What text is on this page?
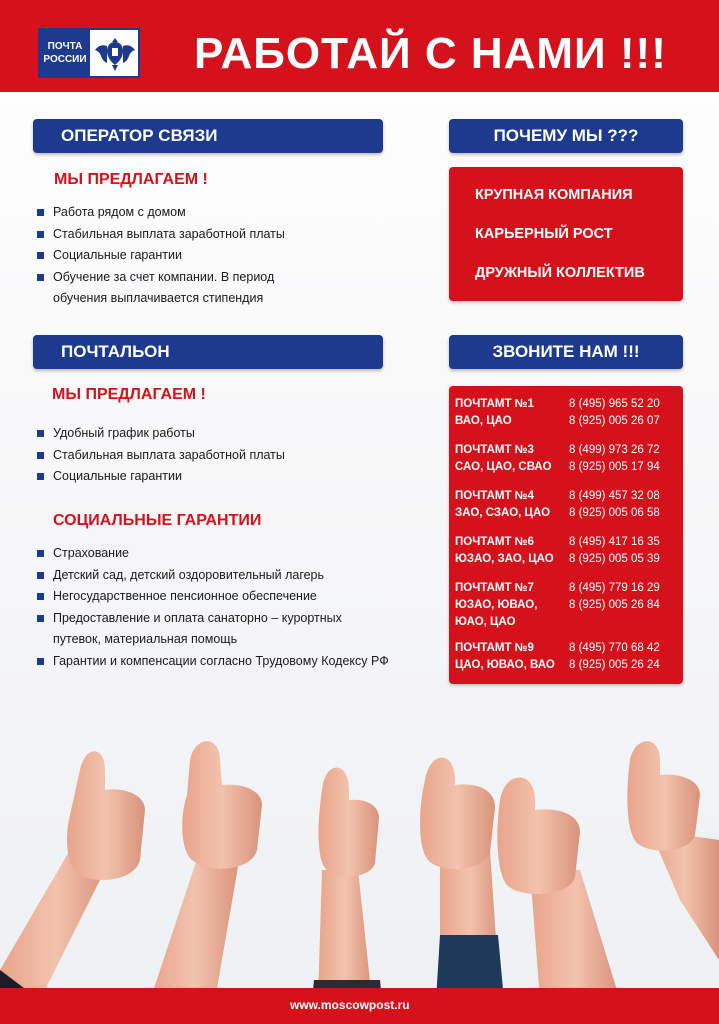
ПОЧТА
РОССИИ РАБОТАЙ С НАМИ !!!
ОПЕРАТОР СВЯЗИ
МЫ ПРЕДЛАГАЕМ !
Работа рядом с домом
Стабильная выплата заработной платы
Социальные гарантии
Обучение за счет компании. В период
обучения выплачивается стипендия
ПОЧТАЛЬОН
МЫ ПРЕДЛАГАЕМ !
Удобный график работы
Стабильная выплата заработной платы
Социальные гарантии
СОЦИАЛЬНЫЕ ГАРАНТИИ
Страхование
Детский сад, детский оздоровительный лагерь
Негосударственное пенсионное обеспечение
Предоставление и оплата санаторно – курортных
путевок, материальная помощь
Гарантии и компенсации согласно Трудовому Кодексу РФ
ПОЧЕМУ МЫ ???
КРУПНАЯ КОМПАНИЯ
КАРЬЕРНЫЙ РОСТ
ДРУЖНЫЙ КОЛЛЕКТИВ
ЗВОНИТЕ НАМ !!!
ПОЧТАМТ №1
ВАО, ЦАО
8 (495) 965 52 20
8 (925) 005 26 07
ПОЧТАМТ №3
САО, ЦАО, СВАО
8 (499) 973 26 72
8 (925) 005 17 94
ПОЧТАМТ №4
ЗАО, СЗАО, ЦАО
8 (499) 457 32 08
8 (925) 005 06 58
ПОЧТАМТ №6
ЮЗАО, ЗАО, ЦАО
8 (495) 417 16 35
8 (925) 005 05 39
ПОЧТАМТ №7
ЮЗАО, ЮВАО,
ЮАО, ЦАО
8 (495) 779 16 29
8 (925) 005 26 84
ПОЧТАМТ №9
ЦАО, ЮВАО, ВАО
8 (495) 770 68 42
8 (925) 005 26 24
www.moscowpost.ru
